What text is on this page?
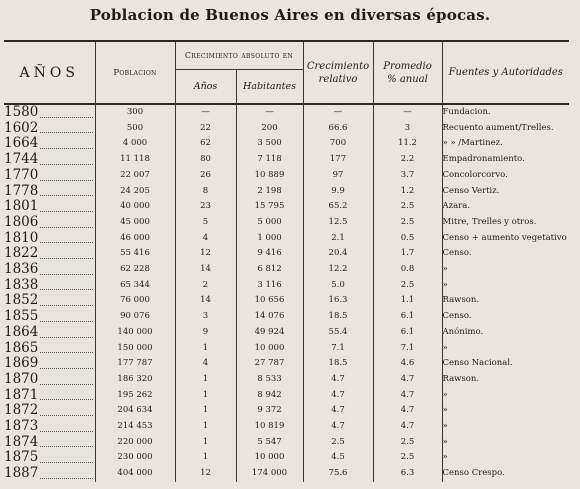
Poblacion de Buenos Aires en diversas épocas.
AÑOS	Poblacion	Crecimiento absoluto en		Crecimiento
relativo	Promedio
% anual	Fuentes y Autoridades
		Años	Habitantes			

1580	300	—	—	—	—	Fundacion.

1602	500	22	200	66.6	3	Recuento aument/Trelles.

1664	4 000	62	3 500	700	11.2	» » /Martinez.

1744	11 118	80	7 118	177	2.2	Empadronamiento.

1770	22 007	26	10 889	97	3.7	Concolorcorvo.

1778	24 205	8	2 198	9.9	1.2	Censo Vertiz.

1801	40 000	23	15 795	65.2	2.5	Azara.

1806	45 000	5	5 000	12.5	2.5	Mitre, Trelles y otros.

1810	46 000	4	1 000	2.1	0.5	Censo + aumento vegetativo

1822	55 416	12	9 416	20.4	1.7	Censo.

1836	62 228	14	6 812	12.2	0.8	»

1838	65 344	2	3 116	5.0	2.5	»

1852	76 000	14	10 656	16.3	1.1	Rawson.

1855	90 076	3	14 076	18.5	6.1	Censo.

1864	140 000	9	49 924	55.4	6.1	Anónimo.

1865	150 000	1	10 000	7.1	7.1	»

1869	177 787	4	27 787	18.5	4.6	Censo Nacional.

1870	186 320	1	8 533	4.7	4.7	Rawson.

1871	195 262	1	8 942	4.7	4.7	»

1872	204 634	1	9 372	4.7	4.7	»

1873	214 453	1	10 819	4.7	4.7	»

1874	220 000	1	5 547	2.5	2.5	»

1875	230 000	1	10 000	4.5	2.5	»

1887	404 000	12	174 000	75.6	6.3	Censo Crespo.
